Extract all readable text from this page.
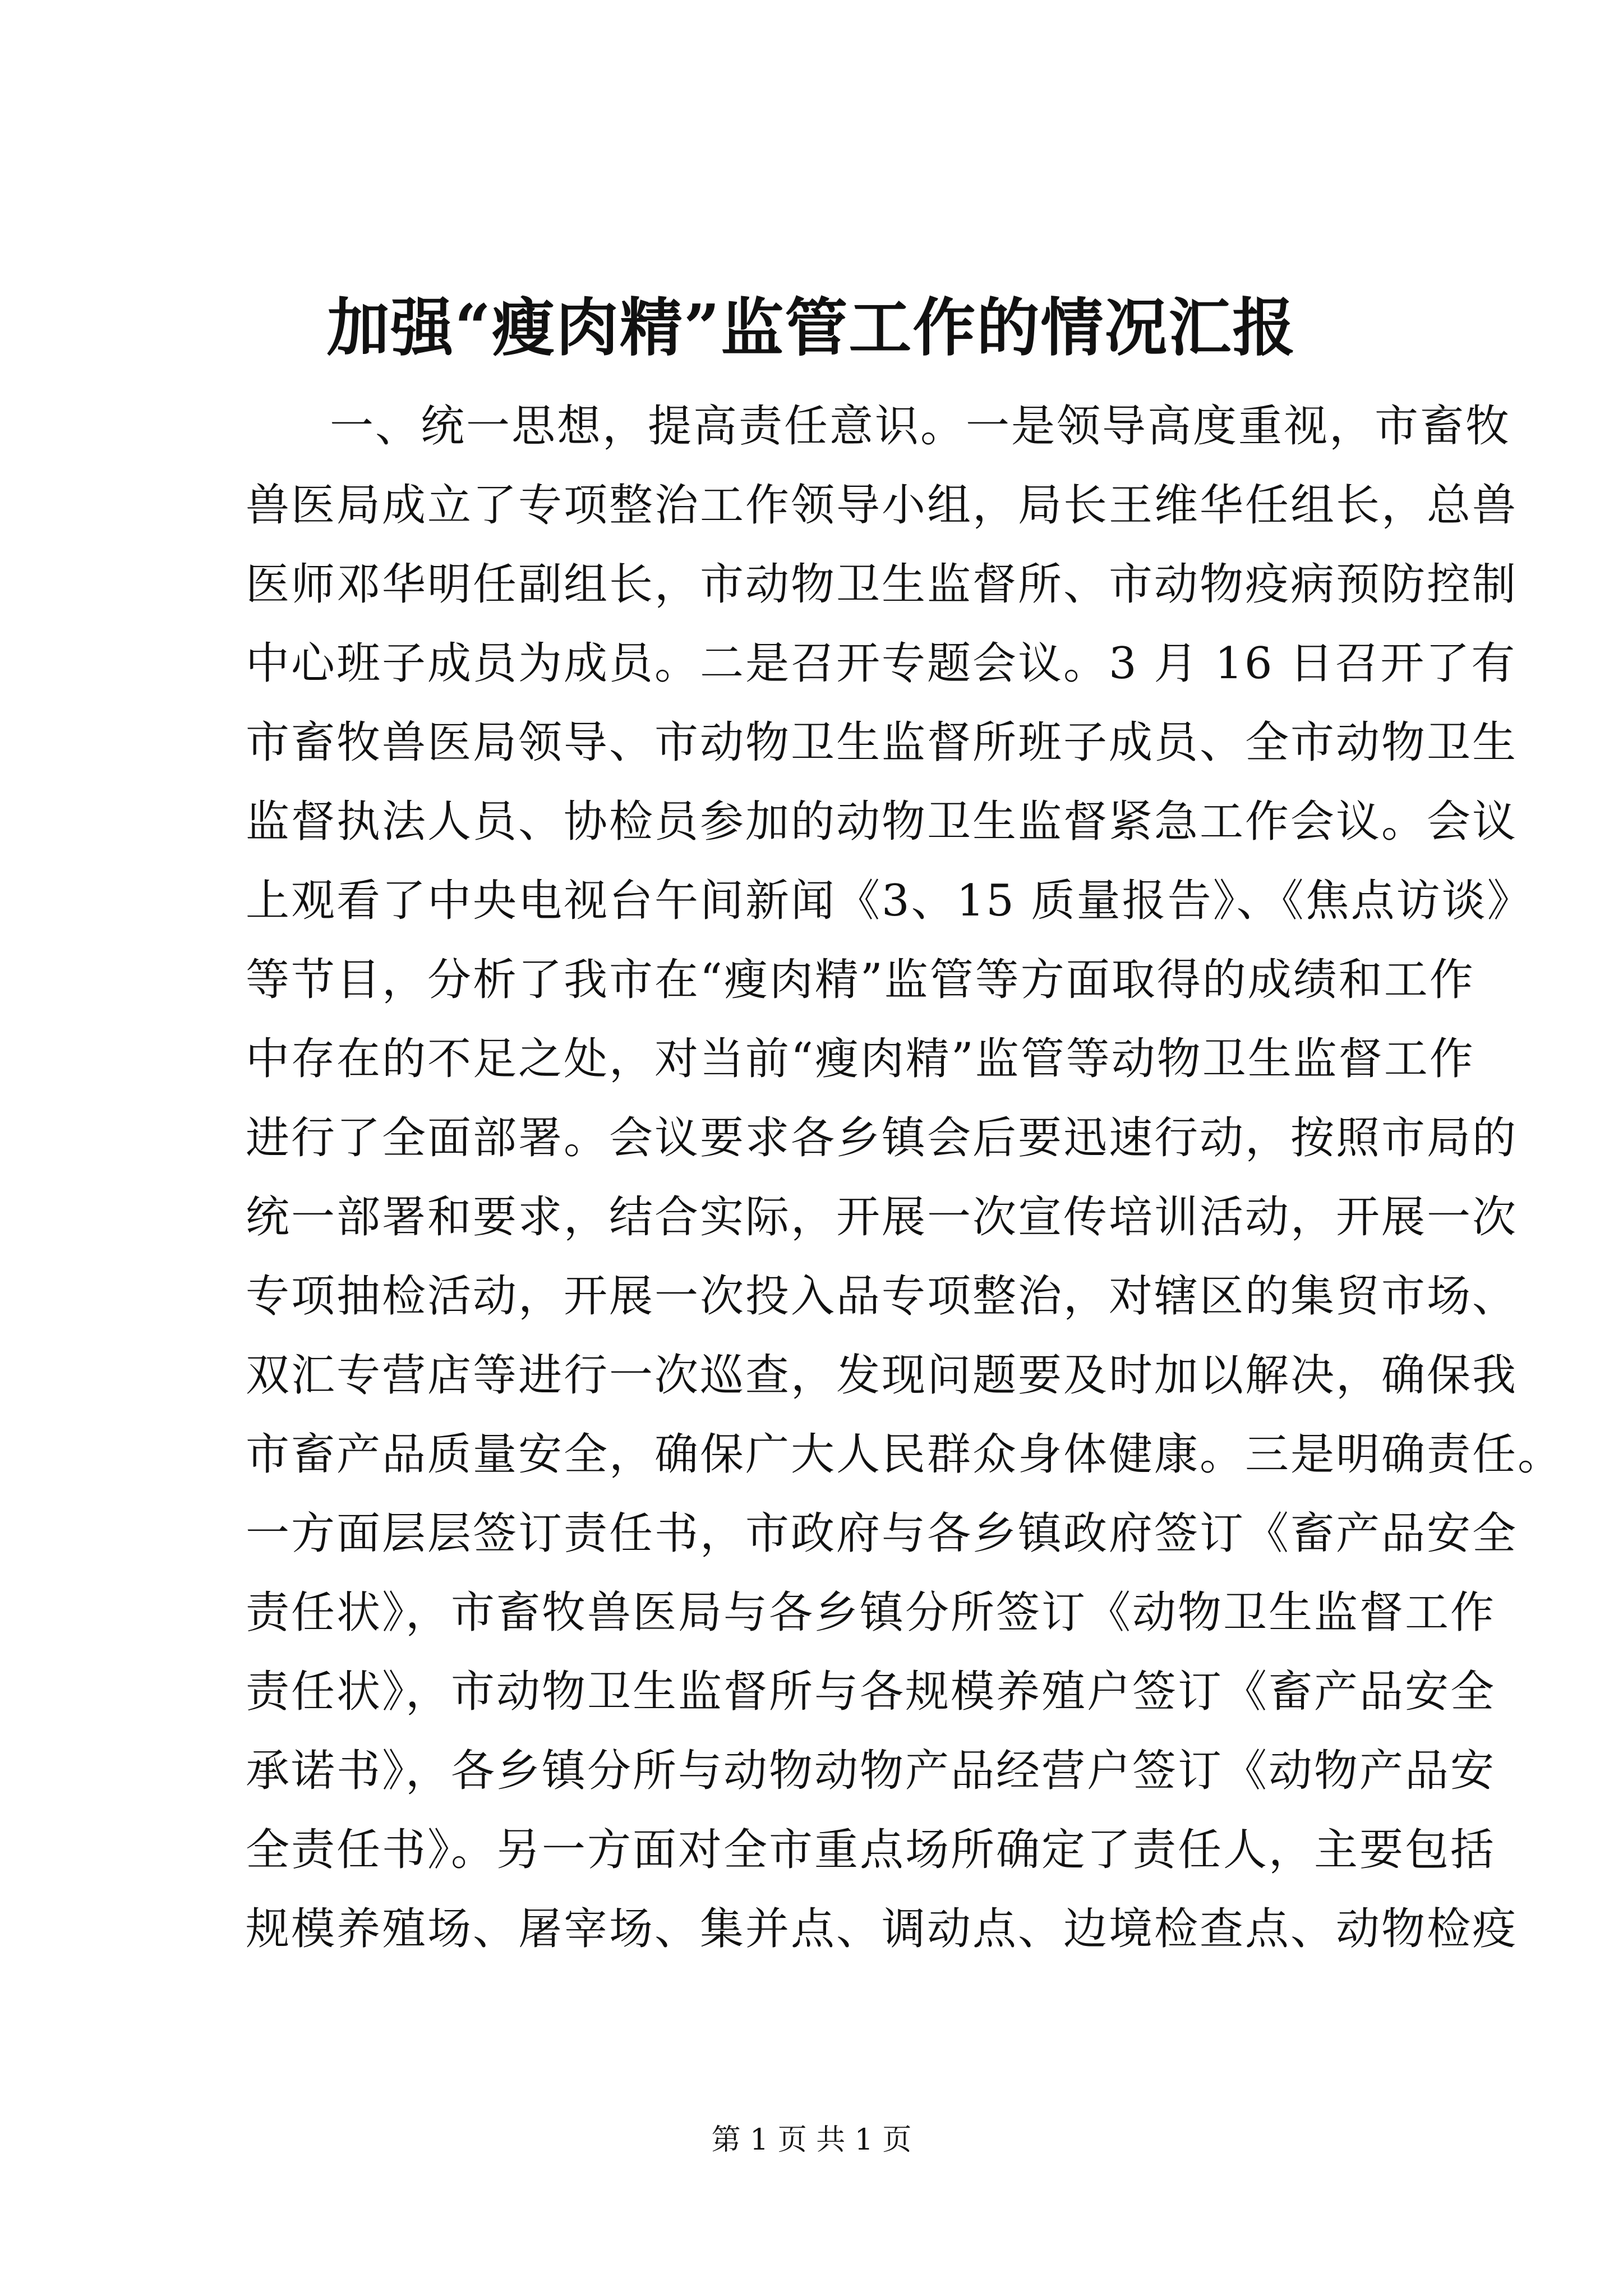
加强“瘦肉精”监管工作的情况汇报
一、统一思想，提高责任意识。一是领导高度重视，市畜牧
兽医局成立了专项整治工作领导小组，局长王维华任组长，总兽
医师邓华明任副组长，市动物卫生监督所、市动物疫病预防控制
中心班子成员为成员。二是召开专题会议。3 月 16 日召开了有
市畜牧兽医局领导、市动物卫生监督所班子成员、全市动物卫生
监督执法人员、协检员参加的动物卫生监督紧急工作会议。会议
上观看了中央电视台午间新闻《3、15 质量报告》、《焦点访谈》
等节目，分析了我市在“瘦肉精”监管等方面取得的成绩和工作
中存在的不足之处，对当前“瘦肉精”监管等动物卫生监督工作
进行了全面部署。会议要求各乡镇会后要迅速行动，按照市局的
统一部署和要求，结合实际，开展一次宣传培训活动，开展一次
专项抽检活动，开展一次投入品专项整治，对辖区的集贸市场、
双汇专营店等进行一次巡查，发现问题要及时加以解决，确保我
市畜产品质量安全，确保广大人民群众身体健康。三是明确责任。
一方面层层签订责任书，市政府与各乡镇政府签订《畜产品安全
责任状》，市畜牧兽医局与各乡镇分所签订《动物卫生监督工作
责任状》，市动物卫生监督所与各规模养殖户签订《畜产品安全
承诺书》，各乡镇分所与动物动物产品经营户签订《动物产品安
全责任书》。另一方面对全市重点场所确定了责任人，主要包括
规模养殖场、屠宰场、集并点、调动点、边境检查点、动物检疫
第 1 页 共 1 页
